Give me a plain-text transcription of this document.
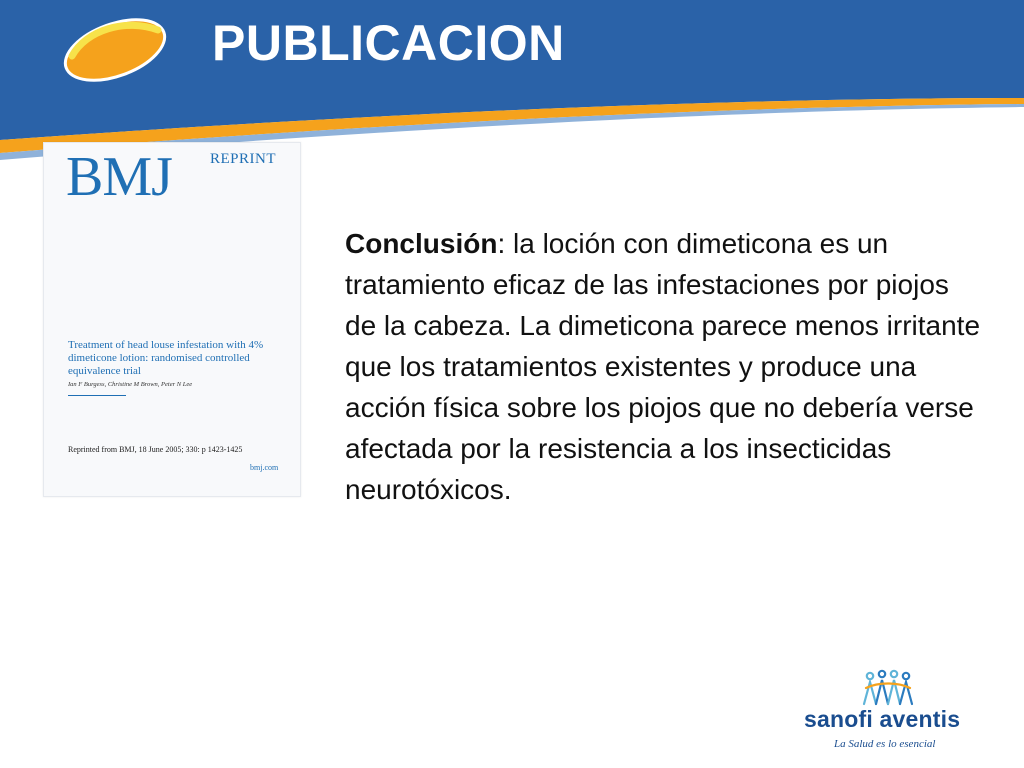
PUBLICACION
BMJ	REPRINT
Treatment of head louse infestation with 4% dimeticone lotion: randomised controlled equivalence trial
Ian F Burgess, Christine M Brown, Peter N Lee
Reprinted from BMJ, 18 June 2005; 330: p 1423-1425
bmj.com

Conclusión: la loción con dimeticona es un tratamiento eficaz de las infestaciones por piojos de la cabeza. La dimeticona parece menos irritante que los tratamientos existentes y produce una acción física sobre los piojos que no debería verse afectada por la resistencia a los insecticidas neurotóxicos.

sanofi aventis
La Salud es lo esencial
